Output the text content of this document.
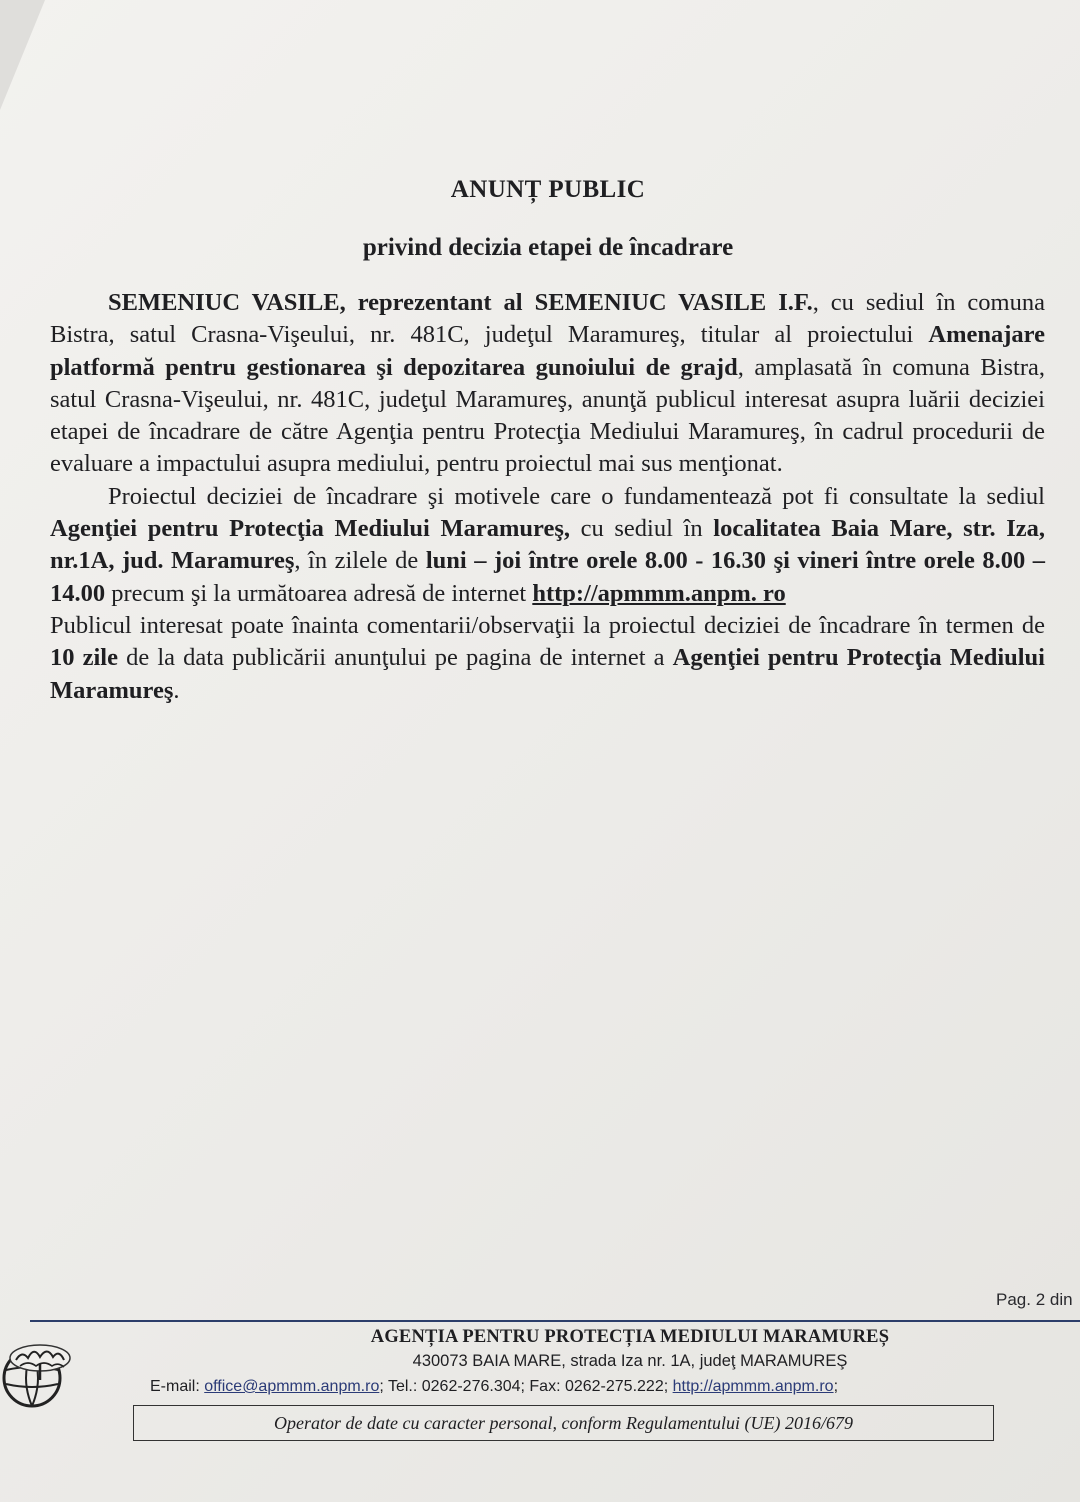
ANUNȚ PUBLIC
privind decizia etapei de încadrare

SEMENIUC VASILE, reprezentant al SEMENIUC VASILE I.F., cu sediul în comuna Bistra, satul Crasna-Vişeului, nr. 481C, judeţul Maramureş, titular al proiectului Amenajare platformă pentru gestionarea şi depozitarea gunoiului de grajd, amplasată în comuna Bistra, satul Crasna-Vişeului, nr. 481C, judeţul Maramureş, anunţă publicul interesat asupra luării deciziei etapei de încadrare de către Agenţia pentru Protecţia Mediului Maramureş, în cadrul procedurii de evaluare a impactului asupra mediului, pentru proiectul mai sus menţionat.

Proiectul deciziei de încadrare şi motivele care o fundamentează pot fi consultate la sediul Agenţiei pentru Protecţia Mediului Maramureş, cu sediul în localitatea Baia Mare, str. Iza, nr.1A, jud. Maramureş, în zilele de luni – joi între orele 8.00 - 16.30 şi vineri între orele 8.00 – 14.00 precum şi la următoarea adresă de internet http://apmmm.anpm. ro

Publicul interesat poate înainta comentarii/observaţii la proiectul deciziei de încadrare în termen de 10 zile de la data publicării anunţului pe pagina de internet a Agenţiei pentru Protecţia Mediului Maramureş.

Pag. 2 din
AGENȚIA PENTRU PROTECȚIA MEDIULUI MARAMUREȘ
430073 BAIA MARE, strada Iza nr. 1A, judeţ MARAMUREŞ
E-mail: office@apmmm.anpm.ro; Tel.: 0262-276.304; Fax: 0262-275.222; http://apmmm.anpm.ro;
Operator de date cu caracter personal, conform Regulamentului (UE) 2016/679
